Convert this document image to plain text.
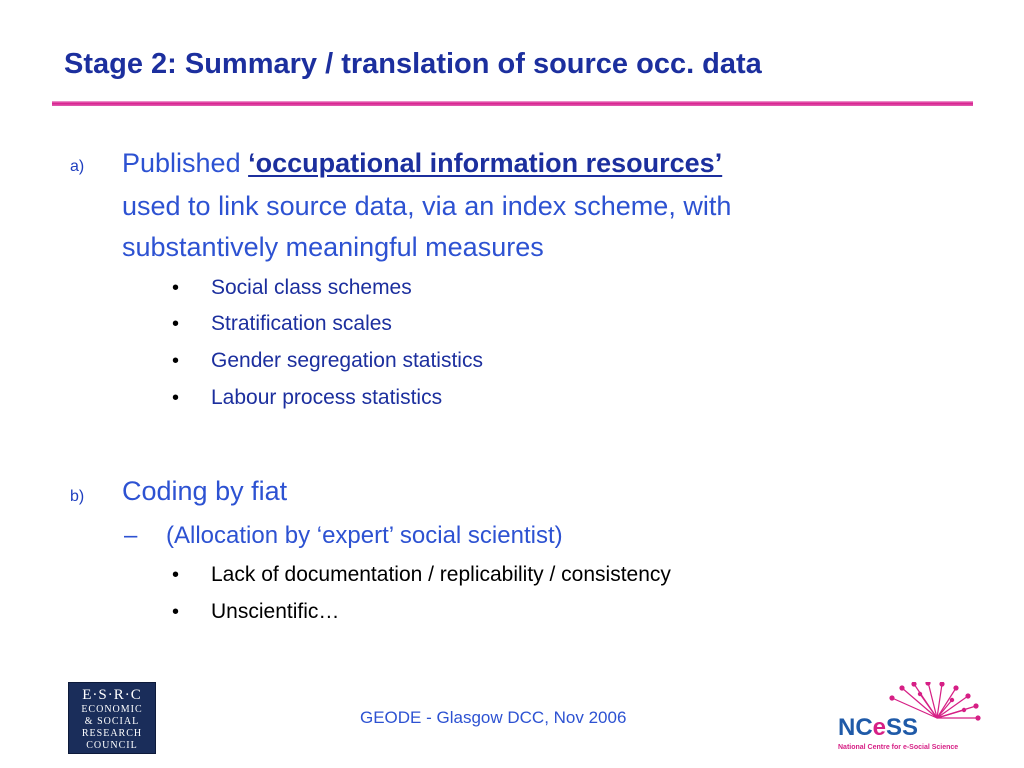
Stage 2: Summary / translation of source occ. data
a) Published ‘occupational information resources’
used to link source data, via an index scheme, with
substantively meaningful measures
• Social class schemes
• Stratification scales
• Gender segregation statistics
• Labour process statistics
b) Coding by fiat
– (Allocation by ‘expert’ social scientist)
• Lack of documentation / replicability / consistency
• Unscientific…
GEODE - Glasgow DCC, Nov 2006
E·S·R·C
ECONOMIC
& SOCIAL
RESEARCH
COUNCIL
NCeSS
National Centre for e-Social Science
